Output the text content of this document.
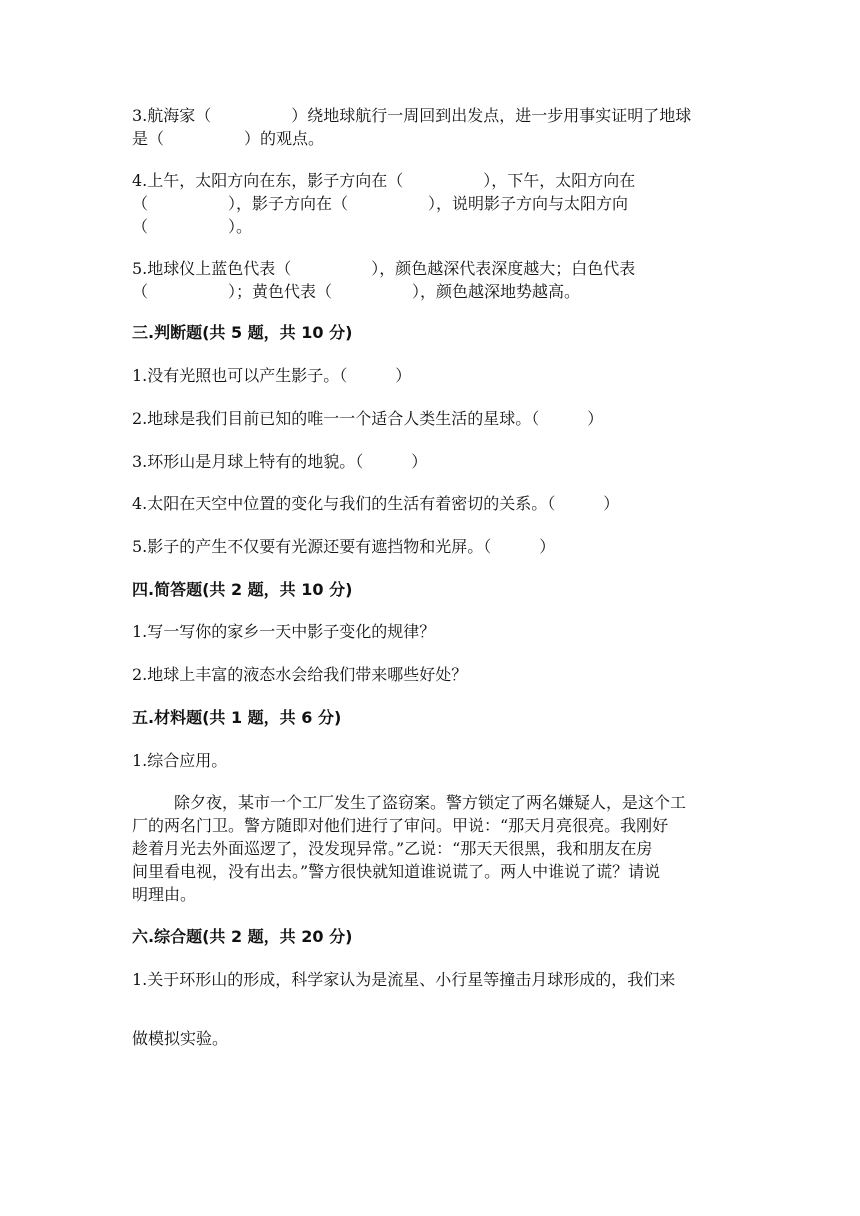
3.航海家（　　　　　）绕地球航行一周回到出发点，进一步用事实证明了地球
是（　　　　　）的观点。
4.上午，太阳方向在东，影子方向在（　　　　　），下午，太阳方向在
（　　　　　），影子方向在（　　　　　），说明影子方向与太阳方向
（　　　　　）。
5.地球仪上蓝色代表（　　　　　），颜色越深代表深度越大；白色代表
（　　　　　）；黄色代表（　　　　　），颜色越深地势越高。
三.判断题(共 5 题，共 10 分)
1.没有光照也可以产生影子。（　　　）
2.地球是我们目前已知的唯一一个适合人类生活的星球。（　　　）
3.环形山是月球上特有的地貌。（　　　）
4.太阳在天空中位置的变化与我们的生活有着密切的关系。（　　　）
5.影子的产生不仅要有光源还要有遮挡物和光屏。（　　　）
四.简答题(共 2 题，共 10 分)
1.写一写你的家乡一天中影子变化的规律？
2.地球上丰富的液态水会给我们带来哪些好处？
五.材料题(共 1 题，共 6 分)
1.综合应用。
除夕夜，某市一个工厂发生了盗窃案。警方锁定了两名嫌疑人，是这个工
厂的两名门卫。警方随即对他们进行了审问。甲说：“那天月亮很亮。我刚好
趁着月光去外面巡逻了，没发现异常。”乙说：“那天天很黑，我和朋友在房
间里看电视，没有出去。”警方很快就知道谁说谎了。两人中谁说了谎？请说
明理由。
六.综合题(共 2 题，共 20 分)
1.关于环形山的形成，科学家认为是流星、小行星等撞击月球形成的，我们来
做模拟实验。
